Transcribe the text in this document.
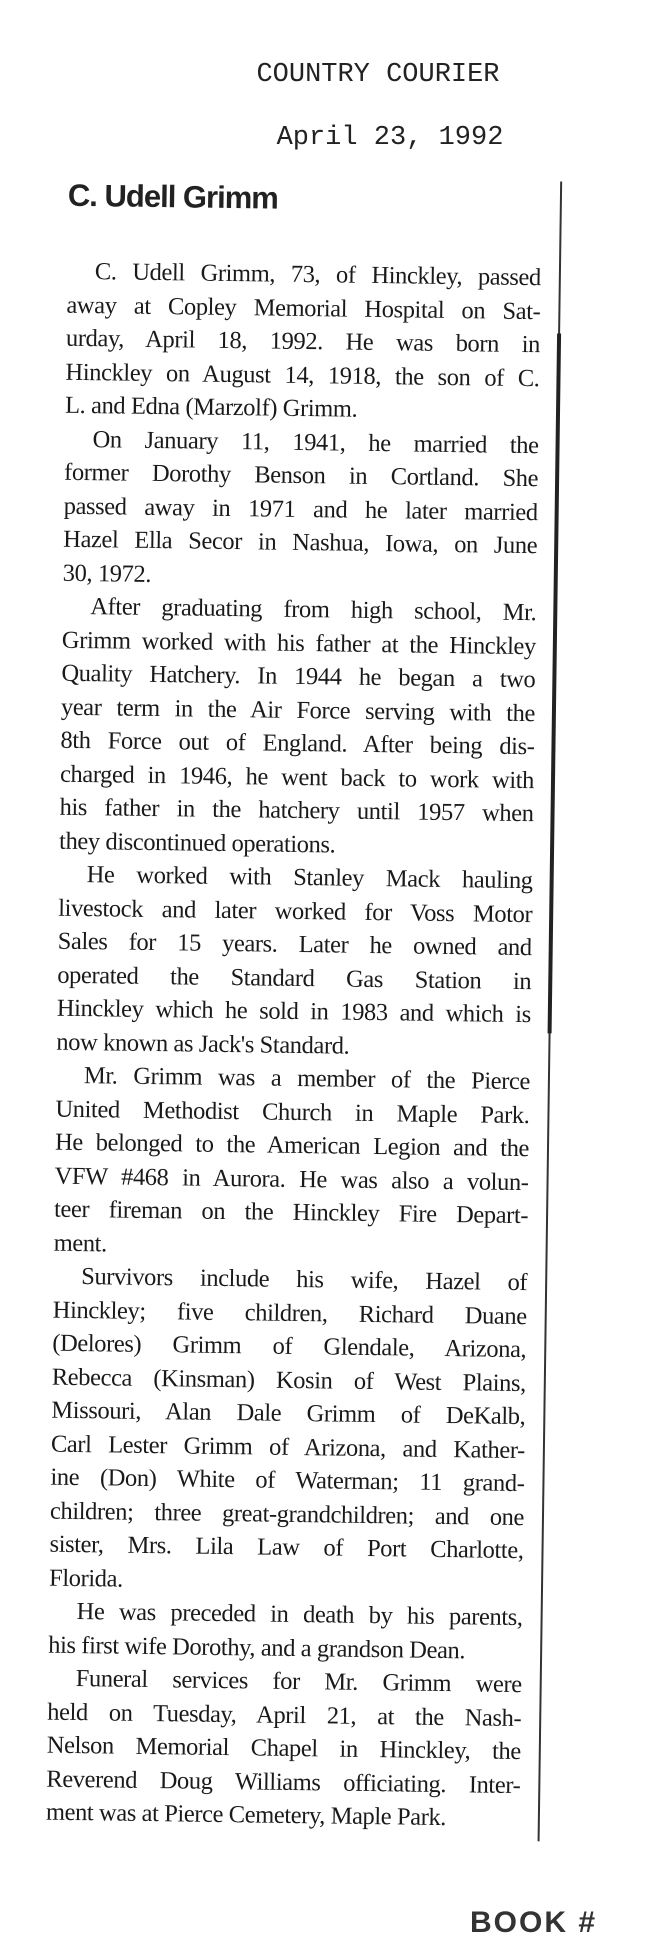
COUNTRY COURIER
April 23, 1992
C. Udell Grimm
C. Udell Grimm, 73, of Hinckley, passed
away at Copley Memorial Hospital on Sat-
urday, April 18, 1992. He was born in
Hinckley on August 14, 1918, the son of C.
L. and Edna (Marzolf) Grimm.
On January 11, 1941, he married the
former Dorothy Benson in Cortland. She
passed away in 1971 and he later married
Hazel Ella Secor in Nashua, Iowa, on June
30, 1972.
After graduating from high school, Mr.
Grimm worked with his father at the Hinckley
Quality Hatchery. In 1944 he began a two
year term in the Air Force serving with the
8th Force out of England. After being dis-
charged in 1946, he went back to work with
his father in the hatchery until 1957 when
they discontinued operations.
He worked with Stanley Mack hauling
livestock and later worked for Voss Motor
Sales for 15 years. Later he owned and
operated the Standard Gas Station in
Hinckley which he sold in 1983 and which is
now known as Jack's Standard.
Mr. Grimm was a member of the Pierce
United Methodist Church in Maple Park.
He belonged to the American Legion and the
VFW #468 in Aurora. He was also a volun-
teer fireman on the Hinckley Fire Depart-
ment.
Survivors include his wife, Hazel of
Hinckley; five children, Richard Duane
(Delores) Grimm of Glendale, Arizona,
Rebecca (Kinsman) Kosin of West Plains,
Missouri, Alan Dale Grimm of DeKalb,
Carl Lester Grimm of Arizona, and Kather-
ine (Don) White of Waterman; 11 grand-
children; three great-grandchildren; and one
sister, Mrs. Lila Law of Port Charlotte,
Florida.
He was preceded in death by his parents,
his first wife Dorothy, and a grandson Dean.
Funeral services for Mr. Grimm were
held on Tuesday, April 21, at the Nash-
Nelson Memorial Chapel in Hinckley, the
Reverend Doug Williams officiating. Inter-
ment was at Pierce Cemetery, Maple Park.
BOOK #
